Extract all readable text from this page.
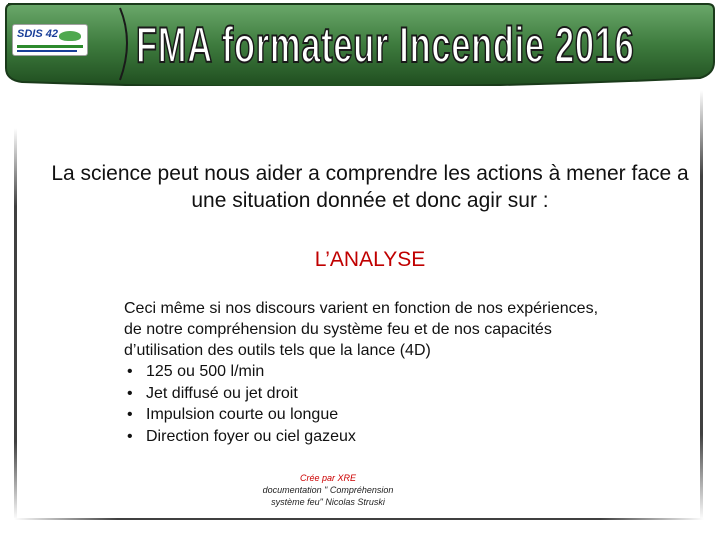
SDIS 42 FMA formateur Incendie 2016
La science peut nous aider a comprendre les actions à mener face a une situation donnée et donc agir sur :
L’ANALYSE
Ceci même si nos discours varient en fonction de nos expériences, de notre compréhension du système feu et de nos capacités d’utilisation des outils tels que la lance (4D)
• 125 ou 500 l/min
• Jet diffusé ou jet droit
• Impulsion courte ou longue
• Direction foyer ou ciel gazeux
Crée par XRE
documentation " Compréhension
système feu" Nicolas Struski
